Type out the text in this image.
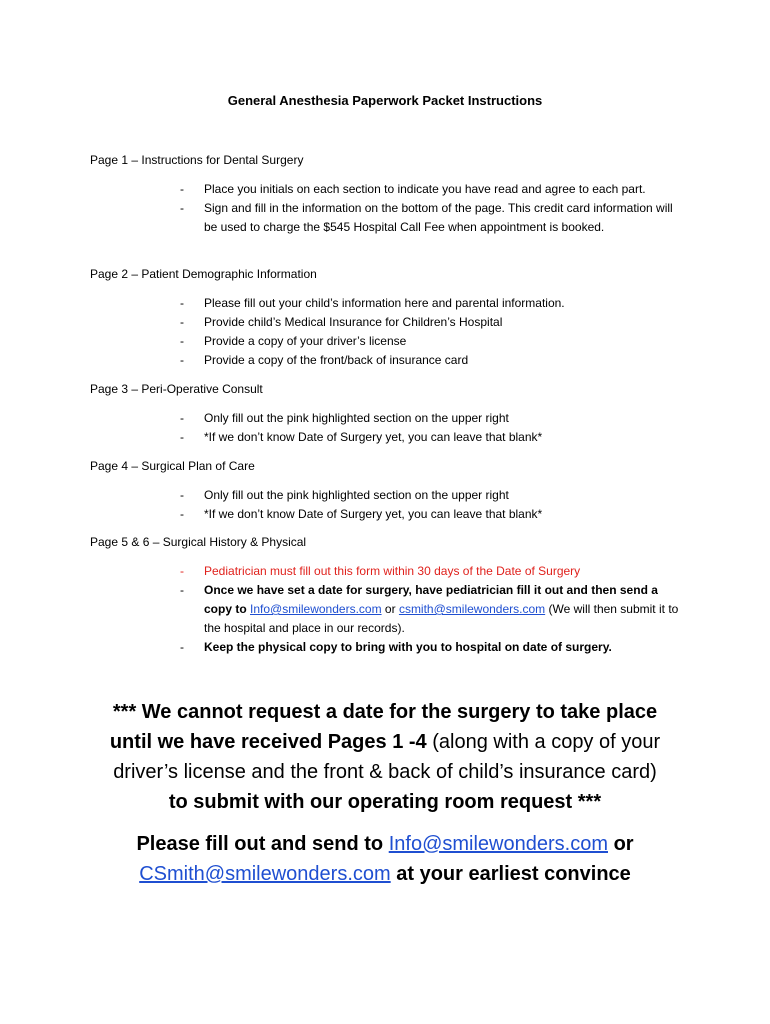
General Anesthesia Paperwork Packet Instructions
Page 1 – Instructions for Dental Surgery
- Place you initials on each section to indicate you have read and agree to each part.
- Sign and fill in the information on the bottom of the page. This credit card information will be used to charge the $545 Hospital Call Fee when appointment is booked.
Page 2 – Patient Demographic Information
- Please fill out your child’s information here and parental information.
- Provide child’s Medical Insurance for Children’s Hospital
- Provide a copy of your driver’s license
- Provide a copy of the front/back of insurance card
Page 3 – Peri-Operative Consult
- Only fill out the pink highlighted section on the upper right
- *If we don’t know Date of Surgery yet, you can leave that blank*
Page 4 – Surgical Plan of Care
- Only fill out the pink highlighted section on the upper right
- *If we don’t know Date of Surgery yet, you can leave that blank*
Page 5 & 6 – Surgical History & Physical
- Pediatrician must fill out this form within 30 days of the Date of Surgery
- Once we have set a date for surgery, have pediatrician fill it out and then send a copy to Info@smilewonders.com or csmith@smilewonders.com (We will then submit it to the hospital and place in our records).
- Keep the physical copy to bring with you to hospital on date of surgery.
*** We cannot request a date for the surgery to take place
until we have received Pages 1 -4 (along with a copy of your
driver’s license and the front & back of child’s insurance card)
to submit with our operating room request ***
Please fill out and send to Info@smilewonders.com or
CSmith@smilewonders.com at your earliest convince
